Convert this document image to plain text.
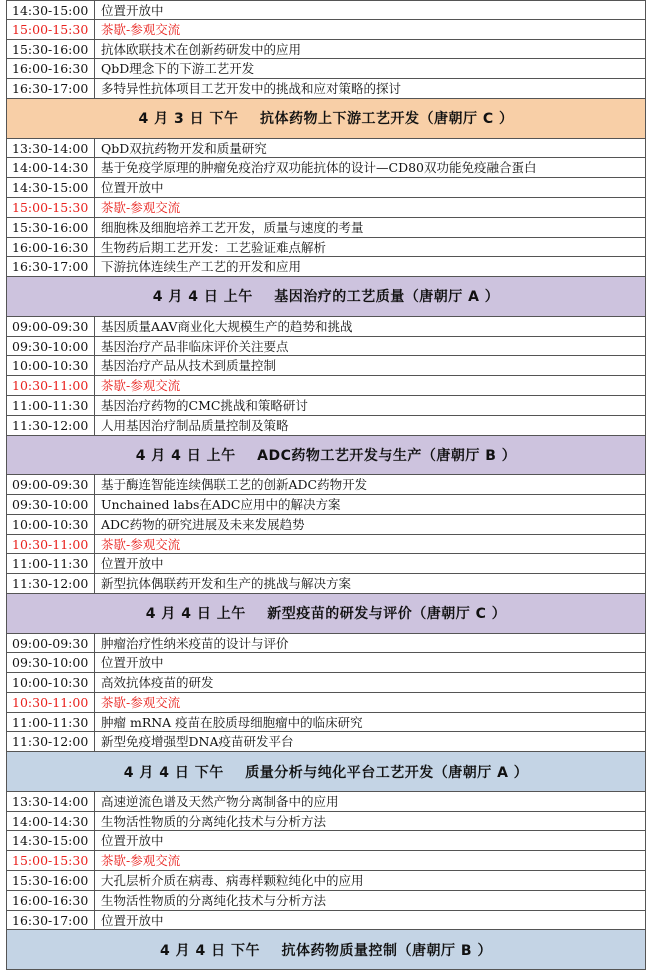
14:30-15:00	位置开放中
15:00-15:30	茶歇-参观交流
15:30-16:00	抗体欧联技术在创新药研发中的应用
16:00-16:30	QbD理念下的下游工艺开发
16:30-17:00	多特异性抗体项目工艺开发中的挑战和应对策略的探讨
4 月 3 日 下午    抗体药物上下游工艺开发（唐朝厅 C ）
13:30-14:00	QbD双抗药物开发和质量研究
14:00-14:30	基于免疫学原理的肿瘤免疫治疗双功能抗体的设计—CD80双功能免疫融合蛋白
14:30-15:00	位置开放中
15:00-15:30	茶歇-参观交流
15:30-16:00	细胞株及细胞培养工艺开发，质量与速度的考量
16:00-16:30	生物药后期工艺开发：工艺验证难点解析
16:30-17:00	下游抗体连续生产工艺的开发和应用
4 月 4 日 上午    基因治疗的工艺质量（唐朝厅 A ）
09:00-09:30	基因质量AAV商业化大规模生产的趋势和挑战
09:30-10:00	基因治疗产品非临床评价关注要点
10:00-10:30	基因治疗产品从技术到质量控制
10:30-11:00	茶歇-参观交流
11:00-11:30	基因治疗药物的CMC挑战和策略研讨
11:30-12:00	人用基因治疗制品质量控制及策略
4 月 4 日 上午    ADC药物工艺开发与生产（唐朝厅 B ）
09:00-09:30	基于酶连智能连续偶联工艺的创新ADC药物开发
09:30-10:00	Unchained labs在ADC应用中的解决方案
10:00-10:30	ADC药物的研究进展及未来发展趋势
10:30-11:00	茶歇-参观交流
11:00-11:30	位置开放中
11:30-12:00	新型抗体偶联药开发和生产的挑战与解决方案
4 月 4 日 上午    新型疫苗的研发与评价（唐朝厅 C ）
09:00-09:30	肿瘤治疗性纳米疫苗的设计与评价
09:30-10:00	位置开放中
10:00-10:30	高效抗体疫苗的研发
10:30-11:00	茶歇-参观交流
11:00-11:30	肿瘤 mRNA 疫苗在胶质母细胞瘤中的临床研究
11:30-12:00	新型免疫增强型DNA疫苗研发平台
4 月 4 日 下午    质量分析与纯化平台工艺开发（唐朝厅 A ）
13:30-14:00	高速逆流色谱及天然产物分离制备中的应用
14:00-14:30	生物活性物质的分离纯化技术与分析方法
14:30-15:00	位置开放中
15:00-15:30	茶歇-参观交流
15:30-16:00	大孔层析介质在病毒、病毒样颗粒纯化中的应用
16:00-16:30	生物活性物质的分离纯化技术与分析方法
16:30-17:00	位置开放中
4 月 4 日 下午    抗体药物质量控制（唐朝厅 B ）
